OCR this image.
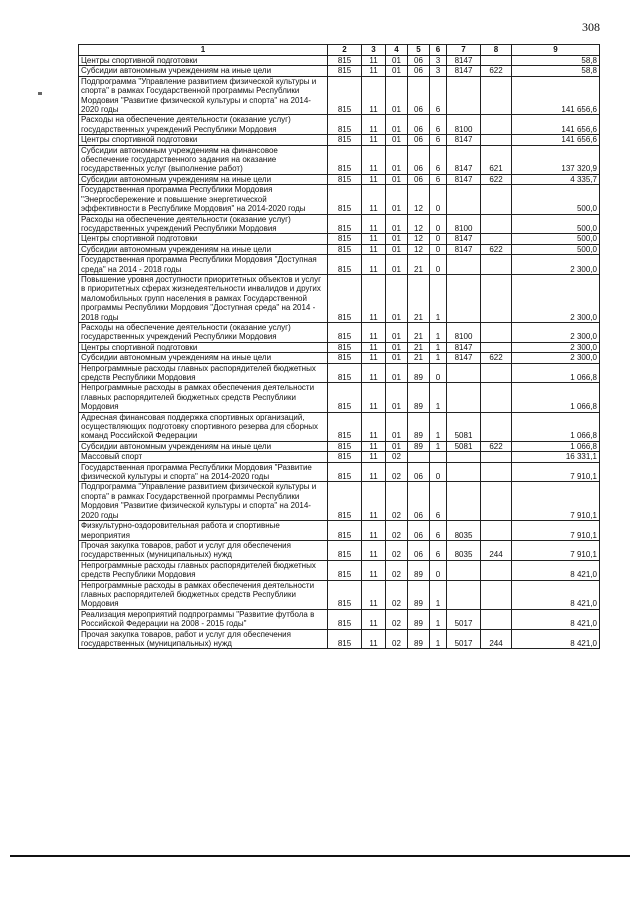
308
1	2	3	4	5	6	7	8	9
Центры спортивной подготовки	815	11	01	06	3	8147		58,8
Субсидии автономным учреждениям на иные цели	815	11	01	06	3	8147	622	58,8
Подпрограмма "Управление развитием физической культуры и спорта" в рамках Государственной программы Республики Мордовия "Развитие физической культуры и спорта" на 2014-2020 годы	815	11	01	06	6			141 656,6
Расходы на обеспечение деятельности (оказание услуг) государственных учреждений Республики Мордовия	815	11	01	06	6	8100		141 656,6
Центры спортивной подготовки	815	11	01	06	6	8147		141 656,6
Субсидии автономным учреждениям на финансовое обеспечение государственного задания на оказание государственных услуг (выполнение работ)	815	11	01	06	6	8147	621	137 320,9
Субсидии автономным учреждениям на иные цели	815	11	01	06	6	8147	622	4 335,7
Государственная программа Республики Мордовия "Энергосбережение и повышение энергетической эффективности в Республике Мордовия" на 2014-2020 годы	815	11	01	12	0			500,0
Расходы на обеспечение деятельности (оказание услуг) государственных учреждений Республики Мордовия	815	11	01	12	0	8100		500,0
Центры спортивной подготовки	815	11	01	12	0	8147		500,0
Субсидии автономным учреждениям на иные цели	815	11	01	12	0	8147	622	500,0
Государственная программа Республики Мордовия "Доступная среда" на 2014 - 2018 годы	815	11	01	21	0			2 300,0
Повышение уровня доступности приоритетных объектов и услуг в приоритетных сферах жизнедеятельности инвалидов и других маломобильных групп населения в рамках Государственной программы Республики Мордовия "Доступная среда" на 2014 - 2018 годы	815	11	01	21	1			2 300,0
Расходы на обеспечение деятельности (оказание услуг) государственных учреждений Республики Мордовия	815	11	01	21	1	8100		2 300,0
Центры спортивной подготовки	815	11	01	21	1	8147		2 300,0
Субсидии автономным учреждениям на иные цели	815	11	01	21	1	8147	622	2 300,0
Непрограммные расходы главных распорядителей бюджетных средств Республики Мордовия	815	11	01	89	0			1 066,8
Непрограммные расходы в рамках обеспечения деятельности главных распорядителей бюджетных средств Республики Мордовия	815	11	01	89	1			1 066,8
Адресная финансовая поддержка спортивных организаций, осуществляющих подготовку спортивного резерва для сборных команд Российской Федерации	815	11	01	89	1	5081		1 066,8
Субсидии автономным учреждениям на иные цели	815	11	01	89	1	5081	622	1 066,8
Массовый спорт	815	11	02					16 331,1
Государственная программа Республики Мордовия "Развитие физической культуры и спорта" на 2014-2020 годы	815	11	02	06	0			7 910,1
Подпрограмма "Управление развитием физической культуры и спорта" в рамках Государственной программы Республики Мордовия "Развитие физической культуры и спорта" на 2014-2020 годы	815	11	02	06	6			7 910,1
Физкультурно-оздоровительная работа и спортивные мероприятия	815	11	02	06	6	8035		7 910,1
Прочая закупка товаров, работ и услуг для обеспечения государственных (муниципальных) нужд	815	11	02	06	6	8035	244	7 910,1
Непрограммные расходы главных распорядителей бюджетных средств Республики Мордовия	815	11	02	89	0			8 421,0
Непрограммные расходы в рамках обеспечения деятельности главных распорядителей бюджетных средств Республики Мордовия	815	11	02	89	1			8 421,0
Реализация мероприятий подпрограммы "Развитие футбола в Российской Федерации на 2008 - 2015 годы"	815	11	02	89	1	5017		8 421,0
Прочая закупка товаров, работ и услуг для обеспечения государственных (муниципальных) нужд	815	11	02	89	1	5017	244	8 421,0
